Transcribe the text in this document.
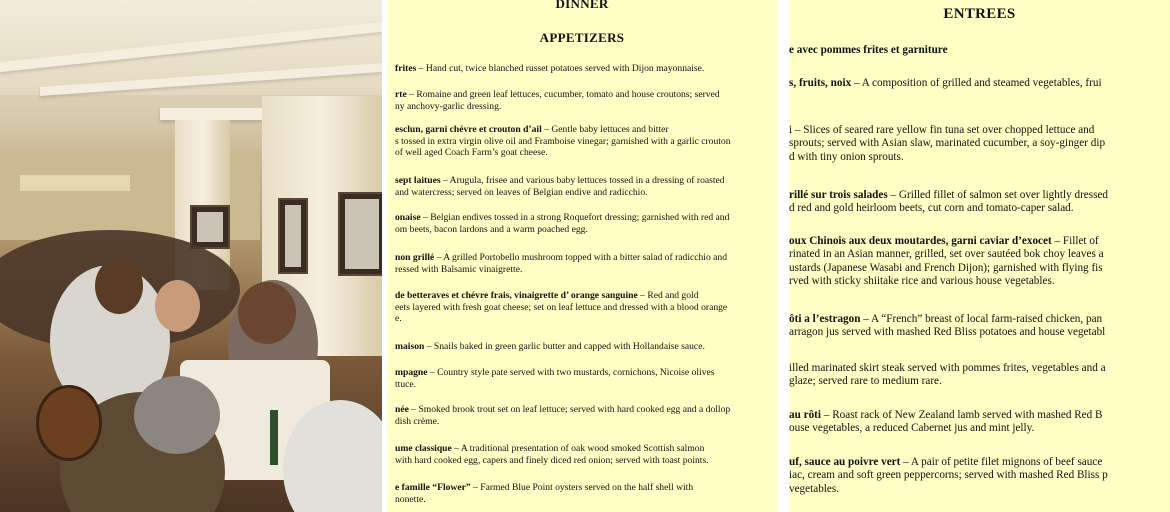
DINNER
APPETIZERS
frites – Hand cut, twice blanched russet potatoes served with Dijon mayonnaise.
rte – Romaine and green leaf lettuces, cucumber, tomato and house croutons; served
ny anchovy-garlic dressing.
esclun, garni chévre et crouton d’ail – Gentle baby lettuces and bitter
s tossed in extra virgin olive oil and Framboise vinegar; garnished with a garlic crouton
of well aged Coach Farm’s goat cheese.
sept laitues – Arugula, frisee and various baby lettuces tossed in a dressing of roasted
and watercress; served on leaves of Belgian endive and radicchio.
onaise – Belgian endives tossed in a strong Roquefort dressing; garnished with red and
om beets, bacon lardons and a warm poached egg.
non grillé – A grilled Portobello mushroom topped with a bitter salad of radicchio and
ressed with Balsamic vinaigrette.
de betteraves et chévre frais, vinaigrette d’ orange sanguine – Red and gold
eets layered with fresh goat cheese; set on leaf lettuce and dressed with a blood orange
e.
maison – Snails baked in green garlic butter and capped with Hollandaise sauce.
mpagne – Country style pate served with two mustards, cornichons, Nicoise olives
ttuce.
née – Smoked brook trout set on leaf lettuce; served with hard cooked egg and a dollop
dish crème.
ume classique – A traditional presentation of oak wood smoked Scottish salmon
with hard cooked egg, capers and finely diced red onion; served with toast points.
e famille “Flower” – Farmed Blue Point oysters served on the half shell with
nonette.
ENTREES
e avec pommes frites et garniture
s, fruits, noix – A composition of grilled and steamed vegetables, frui
i – Slices of seared rare yellow fin tuna set over chopped lettuce and
sprouts; served with Asian slaw, marinated cucumber, a soy-ginger dip
d with tiny onion sprouts.
rillé sur trois salades – Grilled fillet of salmon set over lightly dressed
d red and gold heirloom beets, cut corn and tomato-caper salad.
oux Chinois aux deux moutardes, garni caviar d’exocet – Fillet of
rinated in an Asian manner, grilled, set over sautéed bok choy leaves a
ustards (Japanese Wasabi and French Dijon); garnished with flying fis
rved with sticky shiitake rice and various house vegetables.
ôti a l’estragon – A “French” breast of local farm-raised chicken, pan
arragon jus served with mashed Red Bliss potatoes and house vegetabl
illed marinated skirt steak served with pommes frites, vegetables and a
glaze; served rare to medium rare.
au rôti – Roast rack of New Zealand lamb served with mashed Red B
ouse vegetables, a reduced Cabernet jus and mint jelly.
uf, sauce au poivre vert – A pair of petite filet mignons of beef sauce
iac, cream and soft green peppercorns; served with mashed Red Bliss p
vegetables.
